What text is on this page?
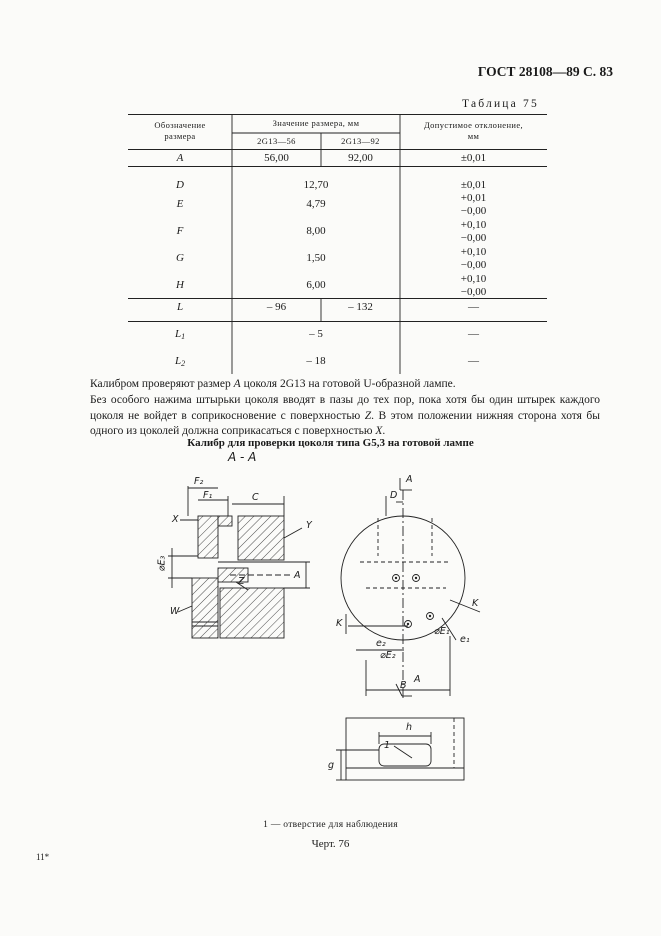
ГОСТ 28108—89 С. 83
Таблица 75
Обозначение
размера
Значение размера, мм
2G13—56	2G13—92
Допустимое отклонение,
мм
A	56,00	92,00	±0,01
D	12,70	±0,01
E	4,79	+0,01
−0,00
F	8,00	+0,10
−0,00
G	1,50	+0,10
−0,00
H	6,00	+0,10
−0,00
L	– 96	– 132	—
$L_1$	– 5	—
$L_2$	– 18	—
Калибром проверяют размер A цоколя 2G13 на готовой U-образной лампе.
Без особого нажима штырьки цоколя вводят в пазы до тех пор, пока хотя бы один штырек каждого цоколя не войдет в соприкосновение с поверхностью Z. В этом положении нижняя сторона хотя бы одного из цоколей должна соприкасаться с поверхностью X.
Калибр для проверки цоколя типа G5,3 на готовой лампе
A - A
F₂
F₁	C
X
Y
⌀E₃
Z
A
W
A
D
K
K
e₂
⌀E₂
⌀E₁
e₁
A
B
h
1
g
1 — отверстие для наблюдения
Черт. 76
11*
